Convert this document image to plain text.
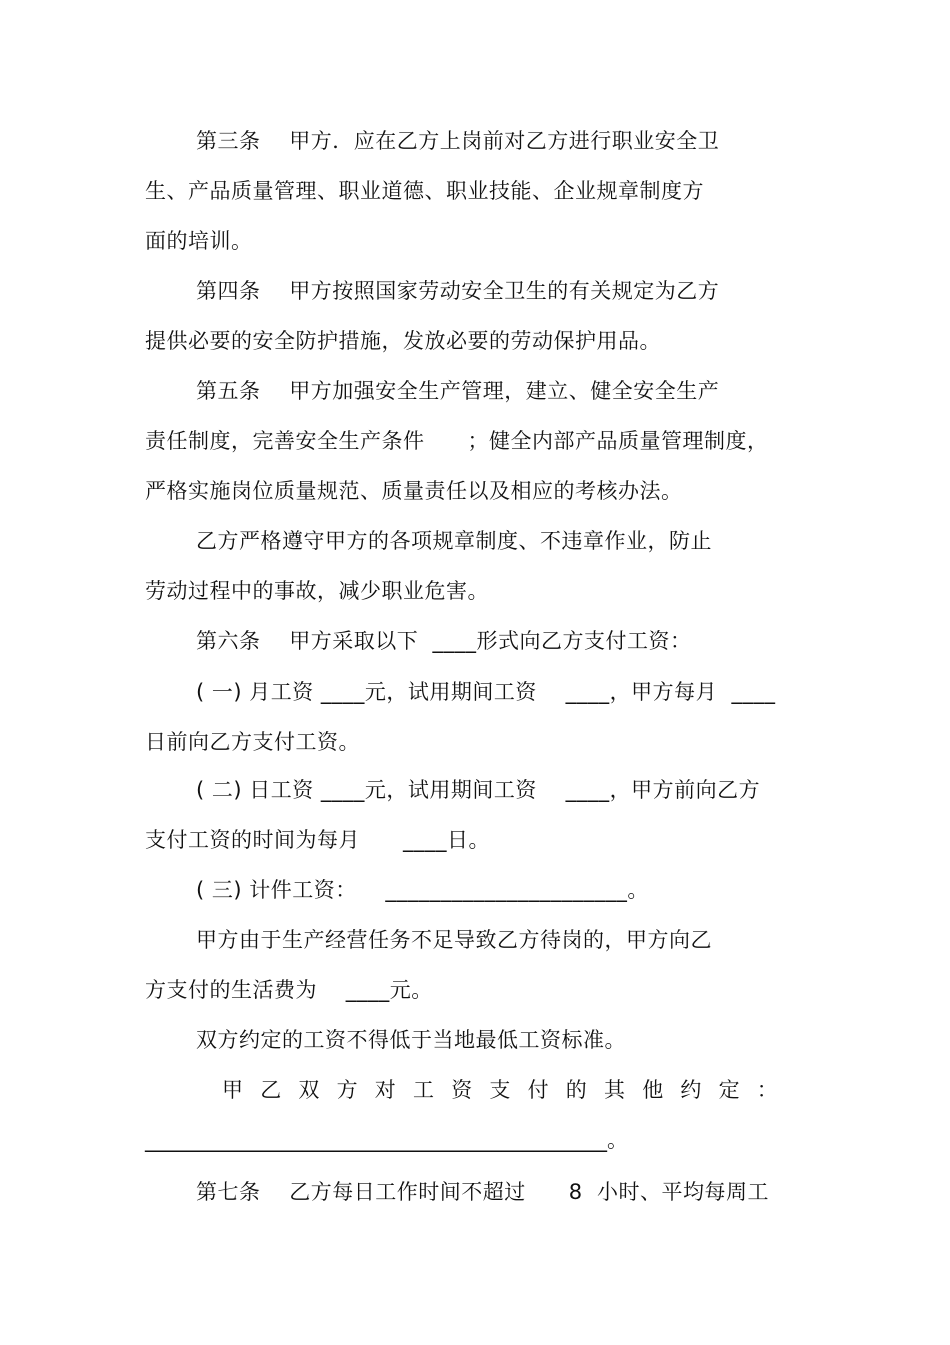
第三条    甲方．应在乙方上岗前对乙方进行职业安全卫
生、产品质量管理、职业道德、职业技能、企业规章制度方
面的培训。
第四条    甲方按照国家劳动安全卫生的有关规定为乙方
提供必要的安全防护措施，发放必要的劳动保护用品。
第五条    甲方加强安全生产管理，建立、健全安全生产
责任制度，完善安全生产条件      ；健全内部产品质量管理制度，
严格实施岗位质量规范、质量责任以及相应的考核办法。
乙方严格遵守甲方的各项规章制度、不违章作业，防止
劳动过程中的事故，减少职业危害。
第六条    甲方采取以下  ____形式向乙方支付工资：
( 一) 月工资 ____元，试用期间工资    ____，甲方每月  ____
日前向乙方支付工资。
( 二) 日工资 ____元，试用期间工资    ____，甲方前向乙方
支付工资的时间为每月      ____日。
( 三) 计件工资：    ______________________。
甲方由于生产经营任务不足导致乙方待岗的，甲方向乙
方支付的生活费为    ____元。
双方约定的工资不得低于当地最低工资标准。
甲乙双方对工资支付的其他约定：
____________________________________________。
第七条    乙方每日工作时间不超过      8  小时、平均每周工
